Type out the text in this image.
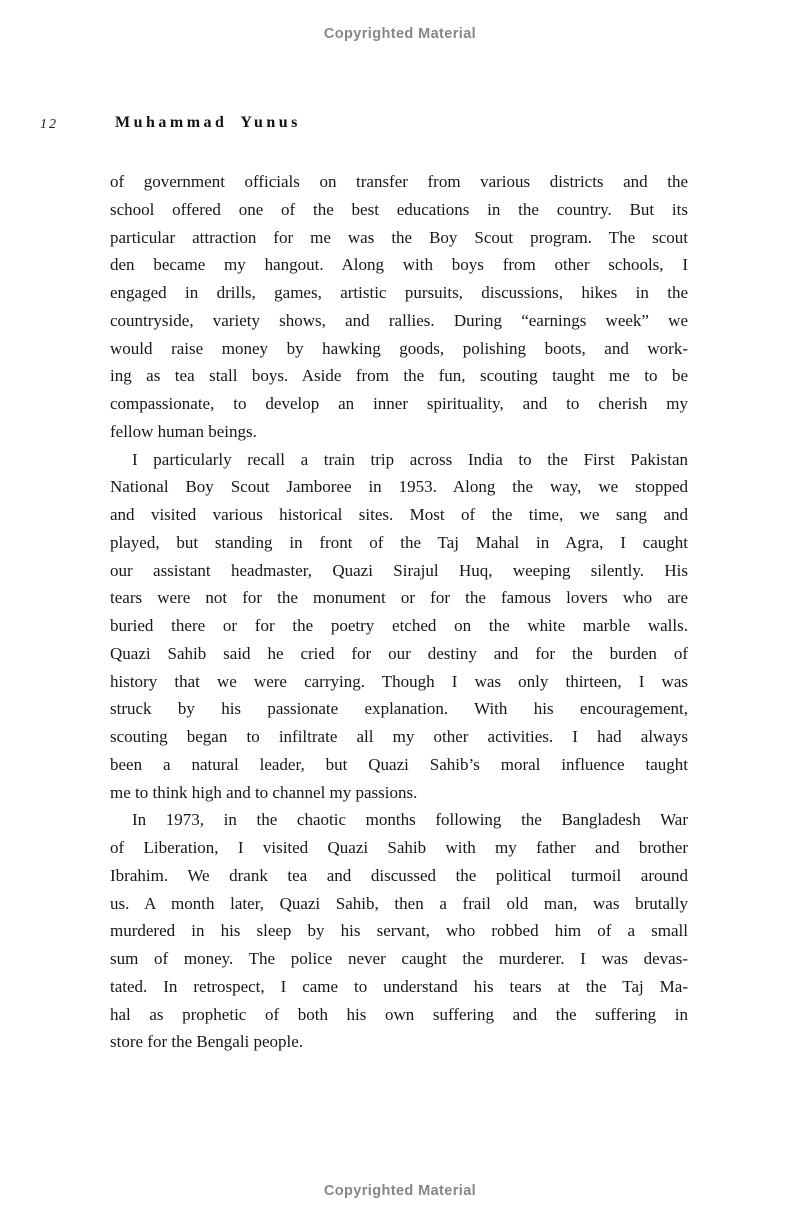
Copyrighted Material
12	Muhammad Yunus
of government officials on transfer from various districts and the
school offered one of the best educations in the country. But its
particular attraction for me was the Boy Scout program. The scout
den became my hangout. Along with boys from other schools, I
engaged in drills, games, artistic pursuits, discussions, hikes in the
countryside, variety shows, and rallies. During “earnings week” we
would raise money by hawking goods, polishing boots, and work-
ing as tea stall boys. Aside from the fun, scouting taught me to be
compassionate, to develop an inner spirituality, and to cherish my
fellow human beings.
I particularly recall a train trip across India to the First Pakistan
National Boy Scout Jamboree in 1953. Along the way, we stopped
and visited various historical sites. Most of the time, we sang and
played, but standing in front of the Taj Mahal in Agra, I caught
our assistant headmaster, Quazi Sirajul Huq, weeping silently. His
tears were not for the monument or for the famous lovers who are
buried there or for the poetry etched on the white marble walls.
Quazi Sahib said he cried for our destiny and for the burden of
history that we were carrying. Though I was only thirteen, I was
struck by his passionate explanation. With his encouragement,
scouting began to infiltrate all my other activities. I had always
been a natural leader, but Quazi Sahib’s moral influence taught
me to think high and to channel my passions.
In 1973, in the chaotic months following the Bangladesh War
of Liberation, I visited Quazi Sahib with my father and brother
Ibrahim. We drank tea and discussed the political turmoil around
us. A month later, Quazi Sahib, then a frail old man, was brutally
murdered in his sleep by his servant, who robbed him of a small
sum of money. The police never caught the murderer. I was devas-
tated. In retrospect, I came to understand his tears at the Taj Ma-
hal as prophetic of both his own suffering and the suffering in
store for the Bengali people.
Copyrighted Material
